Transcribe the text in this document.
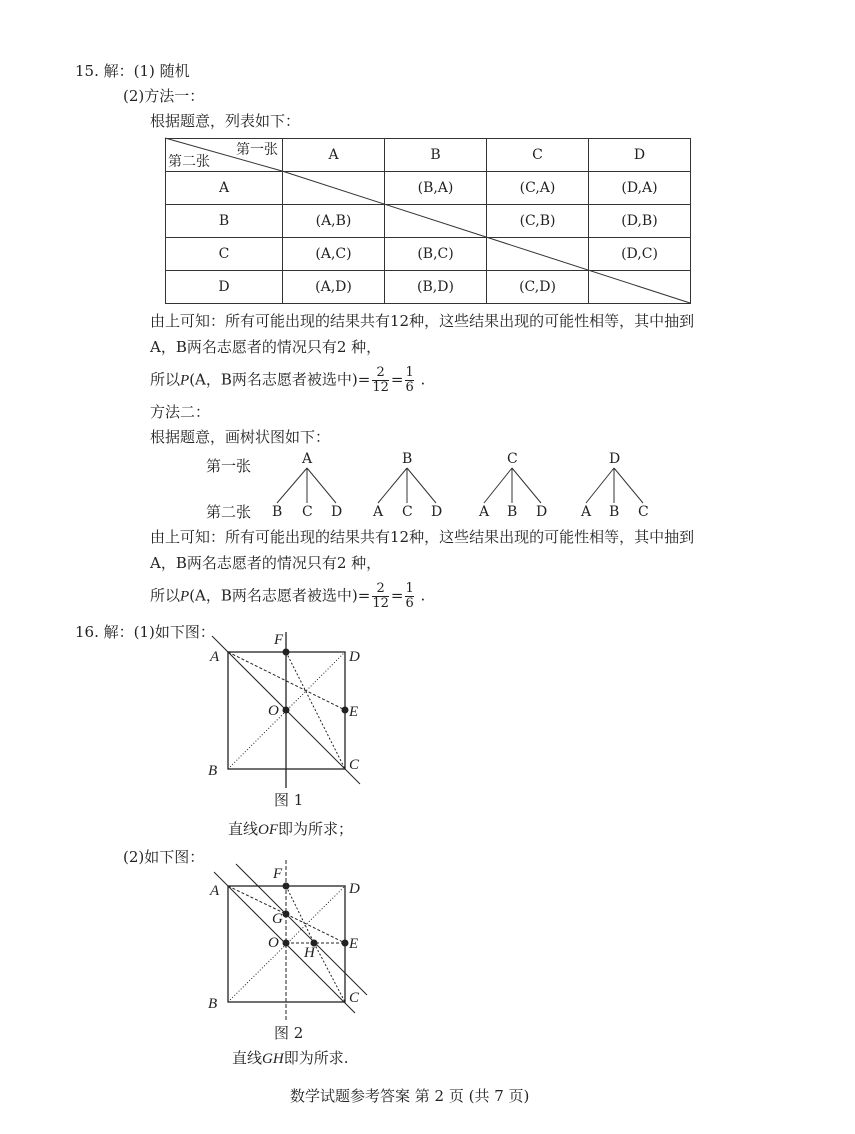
15. 解：(1) 随机
(2)方法一：
根据题意，列表如下：
第一张
第二张	A	B	C	D
A		(B,A)	(C,A)	(D,A)
B	(A,B)		(C,B)	(D,B)
C	(A,C)	(B,C)		(D,C)
D	(A,D)	(B,D)	(C,D)	
由上可知：所有可能出现的结果共有12种，这些结果出现的可能性相等，其中抽到
A，B两名志愿者的情况只有2 种，
所以P(A，B两名志愿者被选中)= $\frac{2}{12} = \frac{1}{6}$ .
方法二：
根据题意，画树状图如下：
第一张
第二张
A	B	C	D
B C D A C D	A B D A B C
由上可知：所有可能出现的结果共有12种，这些结果出现的可能性相等，其中抽到
A，B两名志愿者的情况只有2 种，
所以P(A，B两名志愿者被选中)= $\frac{2}{12} = \frac{1}{6}$ .
16. 解：(1)如下图：
A
F
D
O	E
B	C
图 1
直线OF即为所求；
(2)如下图：
A
F
D
G
O
H
E
B	C
图 2
直线GH即为所求.
数学试题参考答案 第 2 页 (共 7 页)
